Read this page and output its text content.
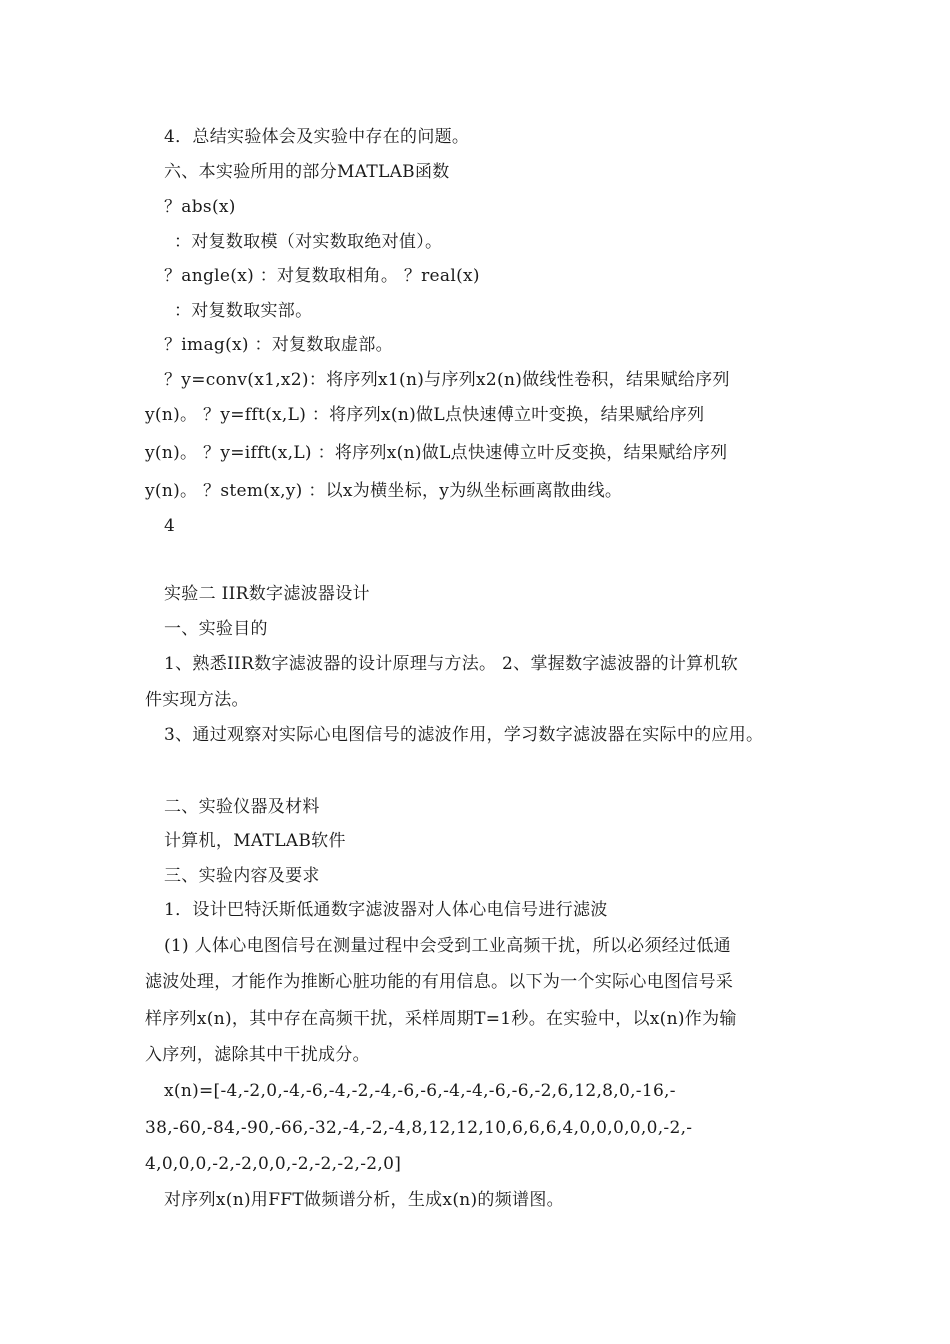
4．总结实验体会及实验中存在的问题。
六、本实验所用的部分MATLAB函数
？abs(x)
：对复数取模（对实数取绝对值）。
？angle(x) ：对复数取相角。 ？real(x)
：对复数取实部。
？imag(x) ：对复数取虚部。
？y=conv(x1,x2)：将序列x1(n)与序列x2(n)做线性卷积，结果赋给序列
y(n)。 ？y=fft(x,L) ：将序列x(n)做L点快速傅立叶变换，结果赋给序列
y(n)。 ？y=ifft(x,L) ：将序列x(n)做L点快速傅立叶反变换，结果赋给序列
y(n)。 ？stem(x,y) ：以x为横坐标，y为纵坐标画离散曲线。
4
实验二 IIR数字滤波器设计
一、实验目的
1、熟悉IIR数字滤波器的设计原理与方法。 2、掌握数字滤波器的计算机软
件实现方法。
3、通过观察对实际心电图信号的滤波作用，学习数字滤波器在实际中的应用。
二、实验仪器及材料
计算机，MATLAB软件
三、实验内容及要求
1．设计巴特沃斯低通数字滤波器对人体心电信号进行滤波
(1) 人体心电图信号在测量过程中会受到工业高频干扰，所以必须经过低通
滤波处理，才能作为推断心脏功能的有用信息。以下为一个实际心电图信号采
样序列x(n)，其中存在高频干扰，采样周期T=1秒。在实验中，以x(n)作为输
入序列，滤除其中干扰成分。
x(n)=[-4,-2,0,-4,-6,-4,-2,-4,-6,-6,-4,-4,-6,-6,-2,6,12,8,0,-16,-
38,-60,-84,-90,-66,-32,-4,-2,-4,8,12,12,10,6,6,6,4,0,0,0,0,0,-2,-
4,0,0,0,-2,-2,0,0,-2,-2,-2,-2,0]
对序列x(n)用FFT做频谱分析，生成x(n)的频谱图。
